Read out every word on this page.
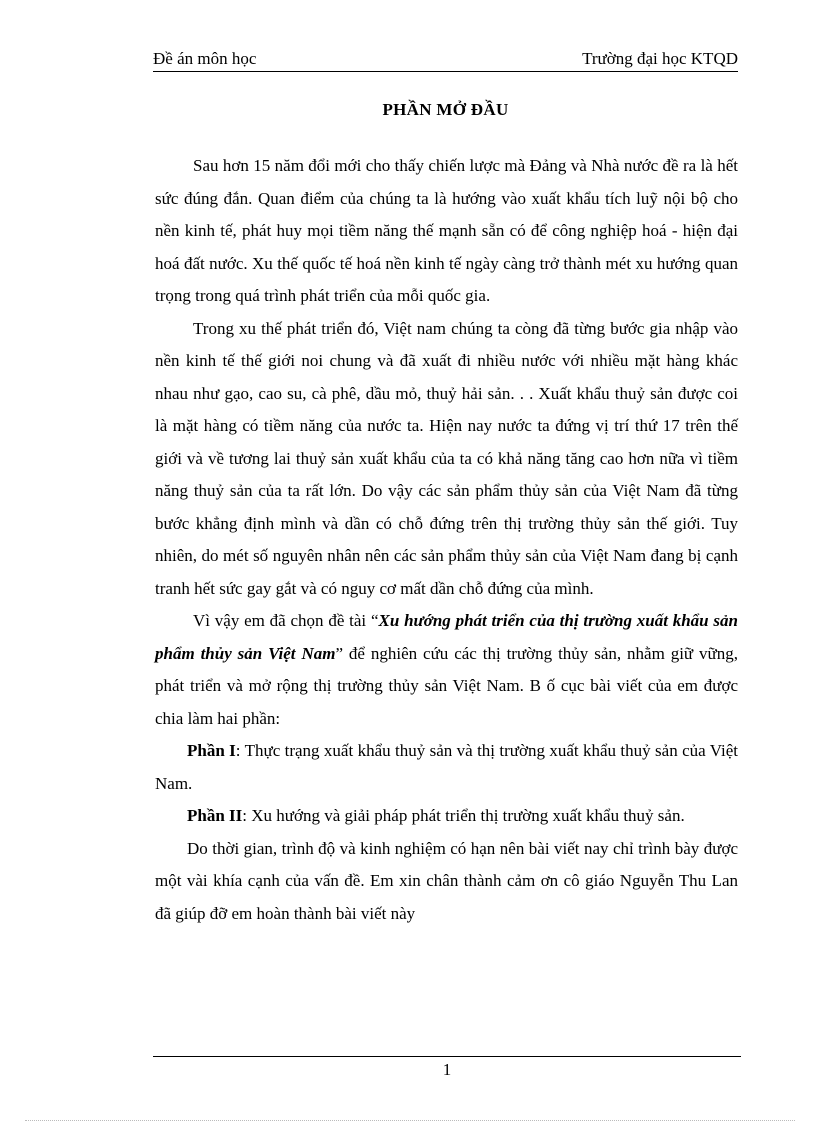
Đề án môn học	Trường đại học KTQD
PHẦN MỞ ĐẦU

Sau hơn 15 năm đổi mới cho thấy chiến lược mà Đảng và Nhà nước đề ra là hết sức đúng đắn. Quan điểm của chúng ta là hướng vào xuất khẩu tích luỹ nội bộ cho nền kinh tế, phát huy mọi tiềm năng thế mạnh sẵn có để công nghiệp hoá - hiện đại hoá đất nước. Xu thế quốc tế hoá nền kinh tế ngày càng trở thành mét xu hướng quan trọng trong quá trình phát triển của mỗi quốc gia.

Trong xu thế phát triển đó, Việt nam chúng ta còng đã từng bước gia nhập vào nền kinh tế thế giới noi chung và đã xuất đi nhiều nước với nhiều mặt hàng khác nhau như gạo, cao su, cà phê, dầu mỏ, thuỷ hải sản. . . Xuất khẩu thuỷ sản được coi là mặt hàng có tiềm năng của nước ta. Hiện nay nước ta đứng vị trí thứ 17 trên thế giới và về tương lai thuỷ sản xuất khẩu của ta có khả năng tăng cao hơn nữa vì tiềm năng thuỷ sản của ta rất lớn. Do vậy các sản phẩm thủy sản của Việt Nam đã từng bước khẳng định mình và dần có chỗ đứng trên thị trường thủy sản thế giới. Tuy nhiên, do mét số nguyên nhân nên các sản phẩm thủy sản của Việt Nam đang bị cạnh tranh hết sức gay gắt và có nguy cơ mất dần chỗ đứng của mình.

Vì vậy em đã chọn đề tài “Xu hướng phát triển của thị trường xuất khẩu sản phẩm thủy sản Việt Nam” để nghiên cứu các thị trường thủy sản, nhằm giữ vững, phát triển và mở rộng thị trường thủy sản Việt Nam. B ố cục bài viết của em được chia làm hai phần:

Phần I: Thực trạng xuất khẩu thuỷ sản và thị trường xuất khẩu thuỷ sản của Việt Nam.

Phần II: Xu hướng và giải pháp phát triển thị trường xuất khẩu thuỷ sản.

Do thời gian, trình độ và kinh nghiệm có hạn nên bài viết nay chỉ trình bày được một vài khía cạnh của vấn đề. Em xin chân thành cảm ơn cô giáo Nguyễn Thu Lan đã giúp đỡ em hoàn thành bài viết này

1
